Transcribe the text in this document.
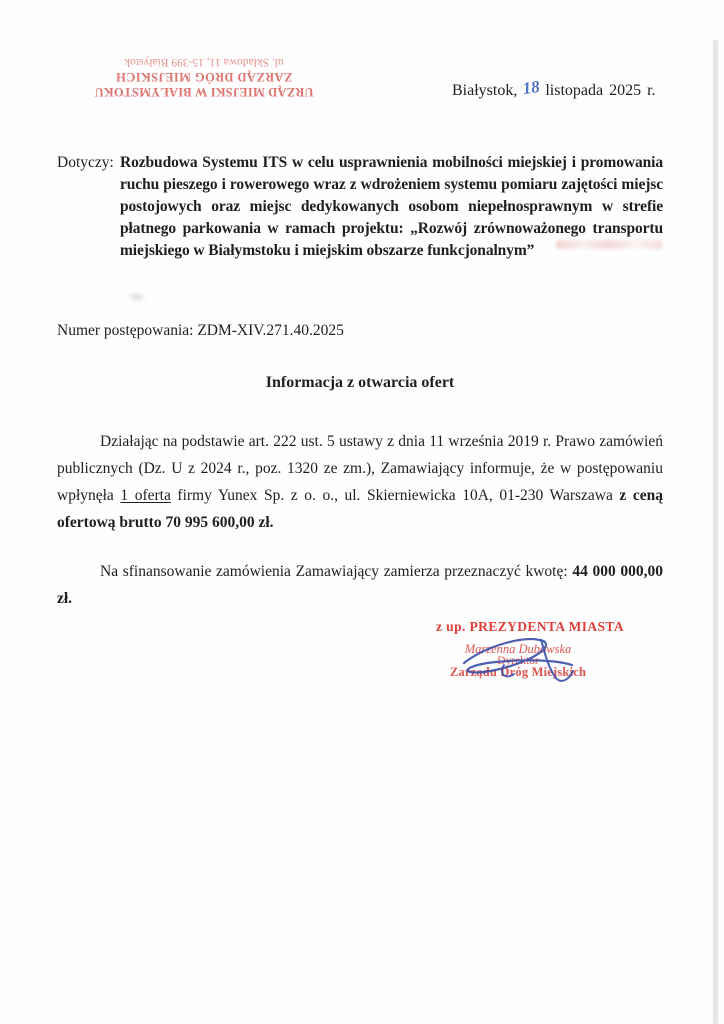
URZĄD MIEJSKI W BIAŁYMSTOKU
ZARZĄD DRÓG MIEJSKICH
ul. Składowa 11, 15-399 Białystok
Białystok, 18 listopada 2025 r.
Dotyczy: Rozbudowa Systemu ITS w celu usprawnienia mobilności miejskiej i promowania ruchu pieszego i rowerowego wraz z wdrożeniem systemu pomiaru zajętości miejsc postojowych oraz miejsc dedykowanych osobom niepełnosprawnym w strefie płatnego parkowania w ramach projektu: „Rozwój zrównoważonego transportu miejskiego w Białymstoku i miejskim obszarze funkcjonalnym”
Numer postępowania: ZDM-XIV.271.40.2025
Informacja z otwarcia ofert

Działając na podstawie art. 222 ust. 5 ustawy z dnia 11 września 2019 r. Prawo zamówień publicznych (Dz. U z 2024 r., poz. 1320 ze zm.), Zamawiający informuje, że w postępowaniu wpłynęła 1 oferta firmy Yunex Sp. z o. o., ul. Skierniewicka 10A, 01-230 Warszawa z ceną ofertową brutto 70 995 600,00 zł.

Na sfinansowanie zamówienia Zamawiający zamierza przeznaczyć kwotę: 44 000 000,00 zł.

z up. PREZYDENTA MIASTA
Marzenna Dubowska
Dyrektor
Zarządu Dróg Miejskich
